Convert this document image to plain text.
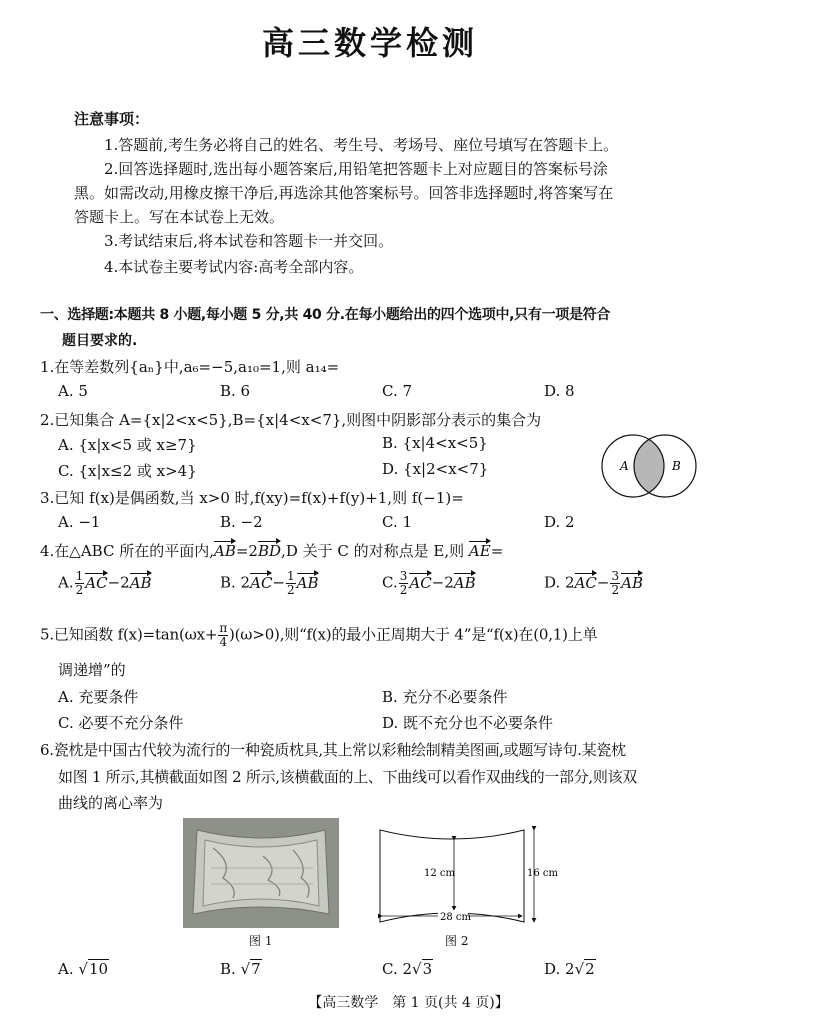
高三数学检测
注意事项：
1.答题前,考生务必将自己的姓名、考生号、考场号、座位号填写在答题卡上。
2.回答选择题时,选出每小题答案后,用铅笔把答题卡上对应题目的答案标号涂
黑。如需改动,用橡皮擦干净后,再选涂其他答案标号。回答非选择题时,将答案写在
答题卡上。写在本试卷上无效。
3.考试结束后,将本试卷和答题卡一并交回。
4.本试卷主要考试内容:高考全部内容。
一、选择题:本题共 8 小题,每小题 5 分,共 40 分.在每小题给出的四个选项中,只有一项是符合
题目要求的.
1.在等差数列{aₙ}中,a₆=−5,a₁₀=1,则 a₁₄=
A. 5	B. 6	C. 7	D. 8
2.已知集合 A={x|2<x<5},B={x|4<x<7},则图中阴影部分表示的集合为
A. {x|x<5 或 x≥7}	B. {x|4<x<5}
C. {x|x≤2 或 x>4}	D. {x|2<x<7}	A	B
3.已知 f(x)是偶函数,当 x>0 时,f(xy)=f(x)+f(y)+1,则 f(−1)=
A. −1	B. −2	C. 1	D. 2
4.在△ABC 所在的平面内,AB=2BD,D 关于 C 的对称点是 E,则 AE=
A. $\frac{1}{2} AC-2AB$	B. $2AC- \frac{1}{2}$ AB	C. $\frac{3}{2} AC-2AB$	D. $2AC- \frac{3}{2}$ AB
5.已知函数 $f(x)=\tan(\omega x+ \frac{\pi}{4} )(\omega>0)$,则“f(x)的最小正周期大于 4”是“f(x)在(0,1)上单
调递增”的
A. 充要条件	B. 充分不必要条件
C. 必要不充分条件	D. 既不充分也不必要条件
6.瓷枕是中国古代较为流行的一种瓷质枕具,其上常以彩釉绘制精美图画,或题写诗句.某瓷枕
如图 1 所示,其横截面如图 2 所示,该横截面的上、下曲线可以看作双曲线的一部分,则该双
曲线的离心率为
图 1
12 cm	16 cm
28 cm
图 2
A. √10	B. √7	C. 2√3	D. 2√2
【高三数学　第 1 页(共 4 页)】
